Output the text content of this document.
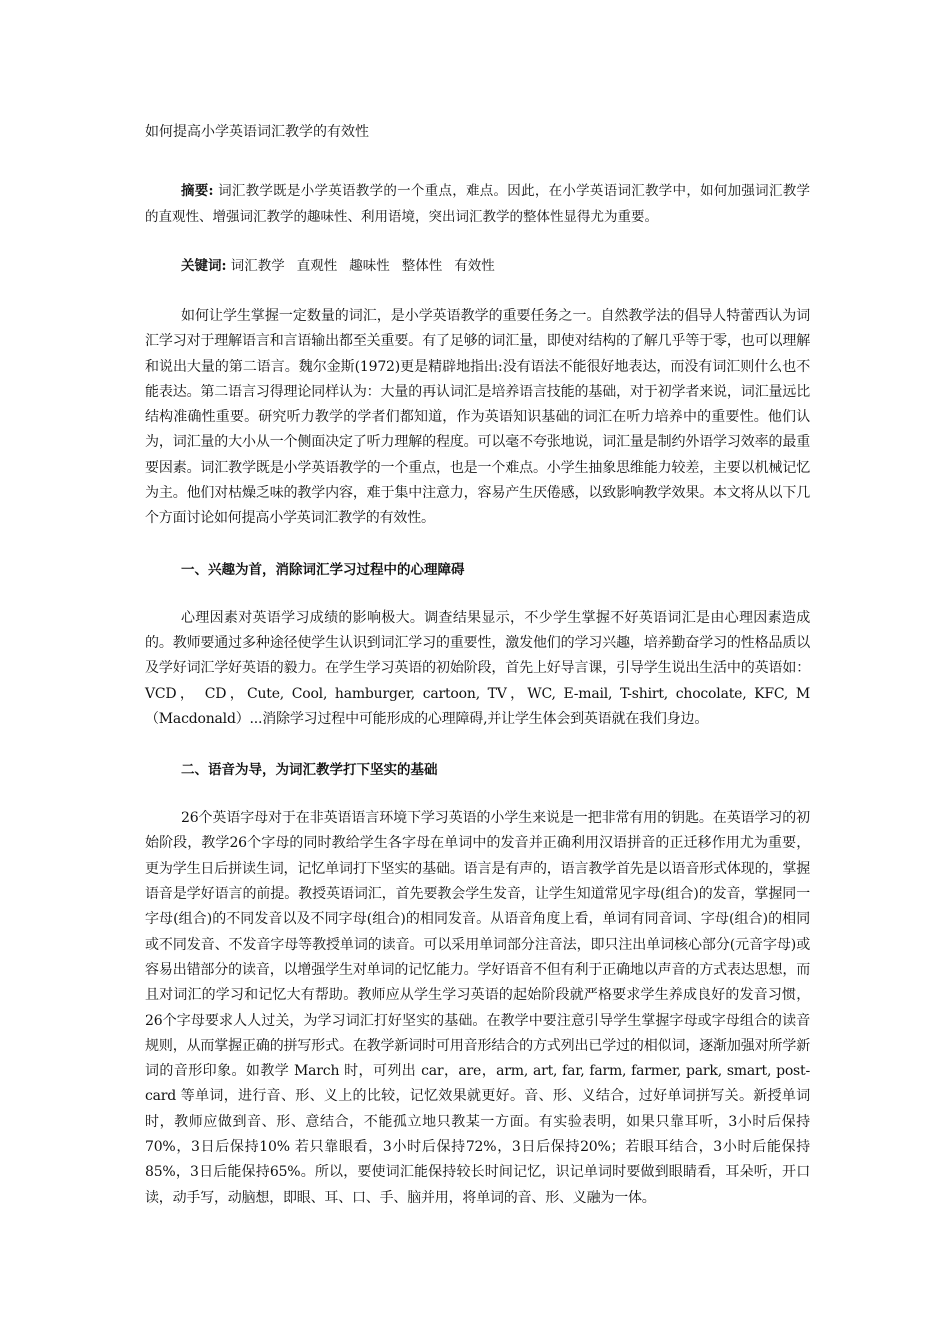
如何提高小学英语词汇教学的有效性

摘要: 词汇教学既是小学英语教学的一个重点，难点。因此，在小学英语词汇教学中，如何加强词汇教学的直观性、增强词汇教学的趣味性、利用语境，突出词汇教学的整体性显得尤为重要。

关键词: 词汇教学 直观性 趣味性 整体性 有效性

如何让学生掌握一定数量的词汇，是小学英语教学的重要任务之一。自然教学法的倡导人特蕾西认为词汇学习对于理解语言和言语输出都至关重要。有了足够的词汇量，即使对结构的了解几乎等于零，也可以理解和说出大量的第二语言。魏尔金斯(1972)更是精辟地指出:没有语法不能很好地表达，而没有词汇则什么也不能表达。第二语言习得理论同样认为：大量的再认词汇是培养语言技能的基础，对于初学者来说，词汇量远比结构准确性重要。研究听力教学的学者们都知道，作为英语知识基础的词汇在听力培养中的重要性。他们认为，词汇量的大小从一个侧面决定了听力理解的程度。可以毫不夸张地说，词汇量是制约外语学习效率的最重要因素。词汇教学既是小学英语教学的一个重点，也是一个难点。小学生抽象思维能力较差，主要以机械记忆为主。他们对枯燥乏味的教学内容，难于集中注意力，容易产生厌倦感，以致影响教学效果。本文将从以下几个方面讨论如何提高小学英词汇教学的有效性。

一、兴趣为首，消除词汇学习过程中的心理障碍

心理因素对英语学习成绩的影响极大。调查结果显示，不少学生掌握不好英语词汇是由心理因素造成的。教师要通过多种途径使学生认识到词汇学习的重要性，激发他们的学习兴趣，培养勤奋学习的性格品质以及学好词汇学好英语的毅力。在学生学习英语的初始阶段，首先上好导言课，引导学生说出生活中的英语如：VCD， CD，Cute, Cool, hamburger, cartoon, TV，WC, E-mail, T-shirt, chocolate, KFC, M（Macdonald）...消除学习过程中可能形成的心理障碍,并让学生体会到英语就在我们身边。

二、语音为导，为词汇教学打下坚实的基础

26个英语字母对于在非英语语言环境下学习英语的小学生来说是一把非常有用的钥匙。在英语学习的初始阶段，教学26个字母的同时教给学生各字母在单词中的发音并正确利用汉语拼音的正迁移作用尤为重要，更为学生日后拼读生词，记忆单词打下坚实的基础。语言是有声的，语言教学首先是以语音形式体现的，掌握语音是学好语言的前提。教授英语词汇，首先要教会学生发音，让学生知道常见字母(组合)的发音，掌握同一字母(组合)的不同发音以及不同字母(组合)的相同发音。从语音角度上看，单词有同音词、字母(组合)的相同或不同发音、不发音字母等教授单词的读音。可以采用单词部分注音法，即只注出单词核心部分(元音字母)或容易出错部分的读音，以增强学生对单词的记忆能力。学好语音不但有利于正确地以声音的方式表达思想，而且对词汇的学习和记忆大有帮助。教师应从学生学习英语的起始阶段就严格要求学生养成良好的发音习惯，26个字母要求人人过关，为学习词汇打好坚实的基础。在教学中要注意引导学生掌握字母或字母组合的读音规则，从而掌握正确的拼写形式。在教学新词时可用音形结合的方式列出已学过的相似词，逐渐加强对所学新词的音形印象。如教学 March 时，可列出 car，are，arm, art, far, farm, farmer, park, smart, post-card 等单词，进行音、形、义上的比较，记忆效果就更好。音、形、义结合，过好单词拼写关。新授单词时，教师应做到音、形、意结合，不能孤立地只教某一方面。有实验表明，如果只靠耳听，3小时后保持70%，3日后保持10% 若只靠眼看，3小时后保持72%，3日后保持20%；若眼耳结合，3小时后能保持85%，3日后能保持65%。所以，要使词汇能保持较长时间记忆，识记单词时要做到眼睛看，耳朵听，开口读，动手写，动脑想，即眼、耳、口、手、脑并用，将单词的音、形、义融为一体。
